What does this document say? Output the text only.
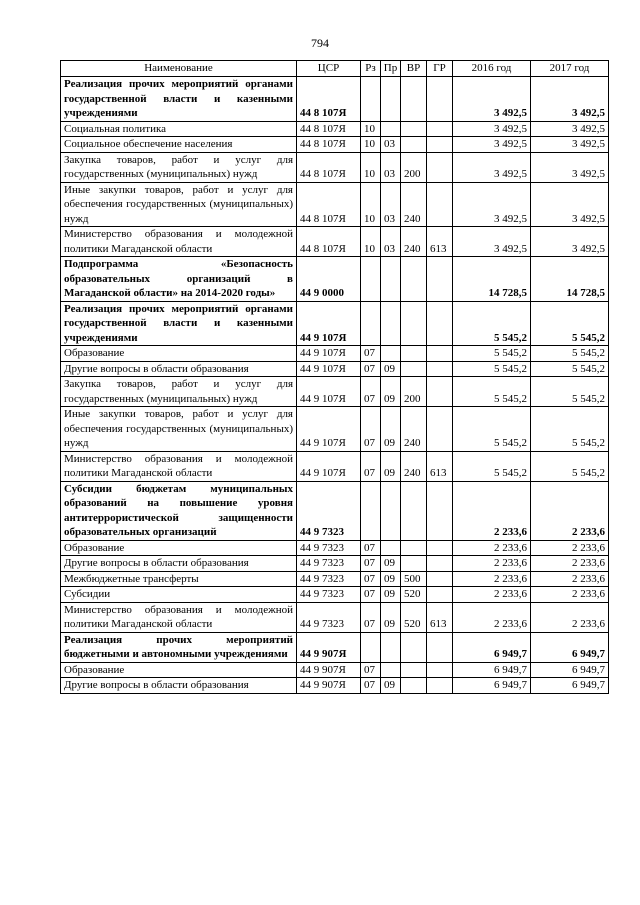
794
Наименование	ЦСР	Рз	Пр	ВР	ГР	2016 год	2017 год
Реализация прочих мероприятий органами государственной власти и казенными учреждениями	44 8 107Я					3 492,5	3 492,5
Социальная политика	44 8 107Я	10				3 492,5	3 492,5
Социальное обеспечение населения	44 8 107Я	10	03			3 492,5	3 492,5
Закупка товаров, работ и услуг для государственных (муниципальных) нужд	44 8 107Я	10	03	200		3 492,5	3 492,5
Иные закупки товаров, работ и услуг для обеспечения государственных (муниципальных) нужд	44 8 107Я	10	03	240		3 492,5	3 492,5
Министерство образования и молодежной политики Магаданской области	44 8 107Я	10	03	240	613	3 492,5	3 492,5
Подпрограмма «Безопасность образовательных организаций в Магаданской области» на 2014-2020 годы»	44 9 0000					14 728,5	14 728,5
Реализация прочих мероприятий органами государственной власти и казенными учреждениями	44 9 107Я					5 545,2	5 545,2
Образование	44 9 107Я	07				5 545,2	5 545,2
Другие вопросы в области образования	44 9 107Я	07	09			5 545,2	5 545,2
Закупка товаров, работ и услуг для государственных (муниципальных) нужд	44 9 107Я	07	09	200		5 545,2	5 545,2
Иные закупки товаров, работ и услуг для обеспечения государственных (муниципальных) нужд	44 9 107Я	07	09	240		5 545,2	5 545,2
Министерство образования и молодежной политики Магаданской области	44 9 107Я	07	09	240	613	5 545,2	5 545,2
Субсидии бюджетам муниципальных образований на повышение уровня антитеррористической защищенности образовательных организаций	44 9 7323					2 233,6	2 233,6
Образование	44 9 7323	07				2 233,6	2 233,6
Другие вопросы в области образования	44 9 7323	07	09			2 233,6	2 233,6
Межбюджетные трансферты	44 9 7323	07	09	500		2 233,6	2 233,6
Субсидии	44 9 7323	07	09	520		2 233,6	2 233,6
Министерство образования и молодежной политики Магаданской области	44 9 7323	07	09	520	613	2 233,6	2 233,6
Реализация прочих мероприятий бюджетными и автономными учреждениями	44 9 907Я					6 949,7	6 949,7
Образование	44 9 907Я	07				6 949,7	6 949,7
Другие вопросы в области образования	44 9 907Я	07	09			6 949,7	6 949,7
